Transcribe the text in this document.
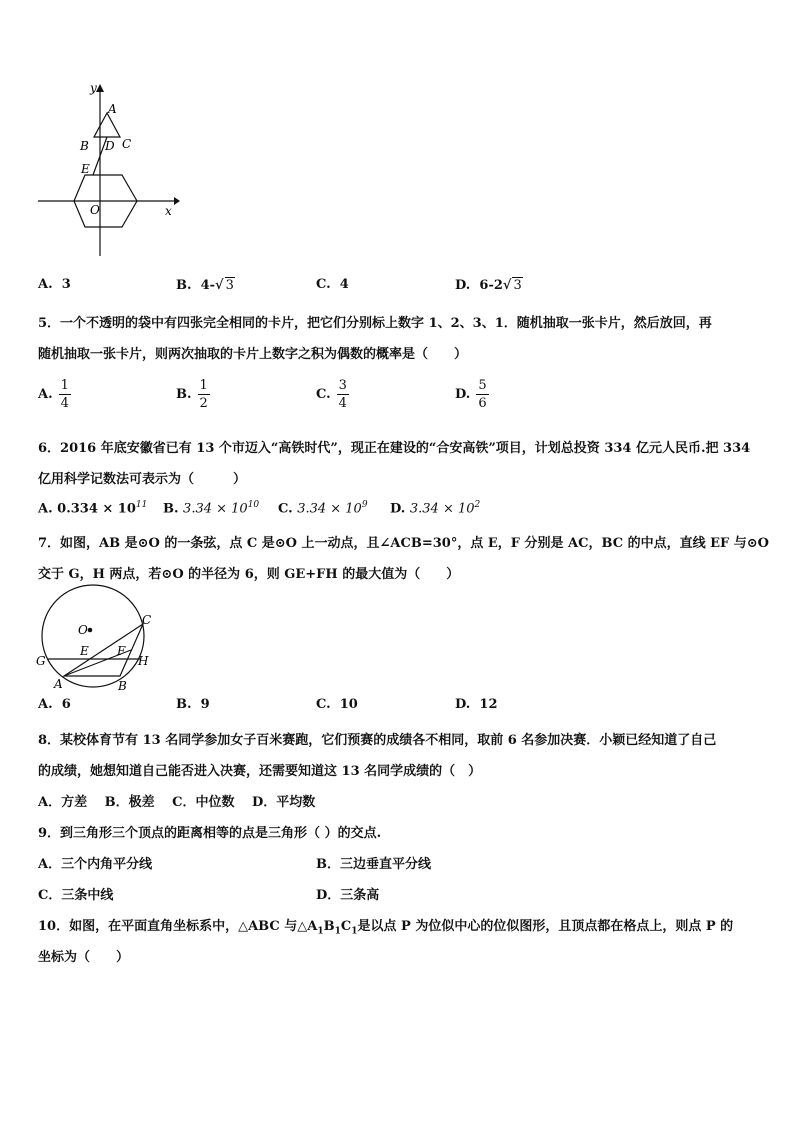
y
x
O
A
B D C
E
A. 3	B. 4-√ 3	C. 4	D. 6-2√ 3
5．一个不透明的袋中有四张完全相同的卡片，把它们分别标上数字 1、2、3、1．随机抽取一张卡片，然后放回，再
随机抽取一张卡片，则两次抽取的卡片上数字之积为偶数的概率是（　　）
A. $\frac{1}{4}$	B. $\frac{1}{2}$	C. $\frac{3}{4}$	D. $\frac{5}{6}$
6．2016 年底安徽省已有 13 个市迈入“高铁时代”，现正在建设的“合安高铁”项目，计划总投资 334 亿元人民币.把 334
亿用科学记数法可表示为（　　　）
A. $0.334 \times 10^{11}$ B. $3.34 \times 10^{10}$ C. $3.34 \times 10^9$ D. $3.34 \times 10^2$
7．如图，AB 是⊙O 的一条弦，点 C 是⊙O 上一动点，且∠ACB=30°，点 E，F 分别是 AC，BC 的中点，直线 EF 与⊙O
交于 G，H 两点，若⊙O 的半径为 6，则 GE+FH 的最大值为（　　）
O
C
E F
G	H
A	B
A. 6	B. 9	C. 10	D. 12
8．某校体育节有 13 名同学参加女子百米赛跑，它们预赛的成绩各不相同，取前 6 名参加决赛．小颖已经知道了自己
的成绩，她想知道自己能否进入决赛，还需要知道这 13 名同学成绩的（　）
A．方差　 B．极差　 C．中位数　 D．平均数
9．到三角形三个顶点的距离相等的点是三角形（ ）的交点.
A．三个内角平分线	B．三边垂直平分线
C．三条中线	D．三条高
10．如图，在平面直角坐标系中，△ABC 与$\triangle A_1B_1C_1$是以点 P 为位似中心的位似图形，且顶点都在格点上，则点 P 的
坐标为（　　）
